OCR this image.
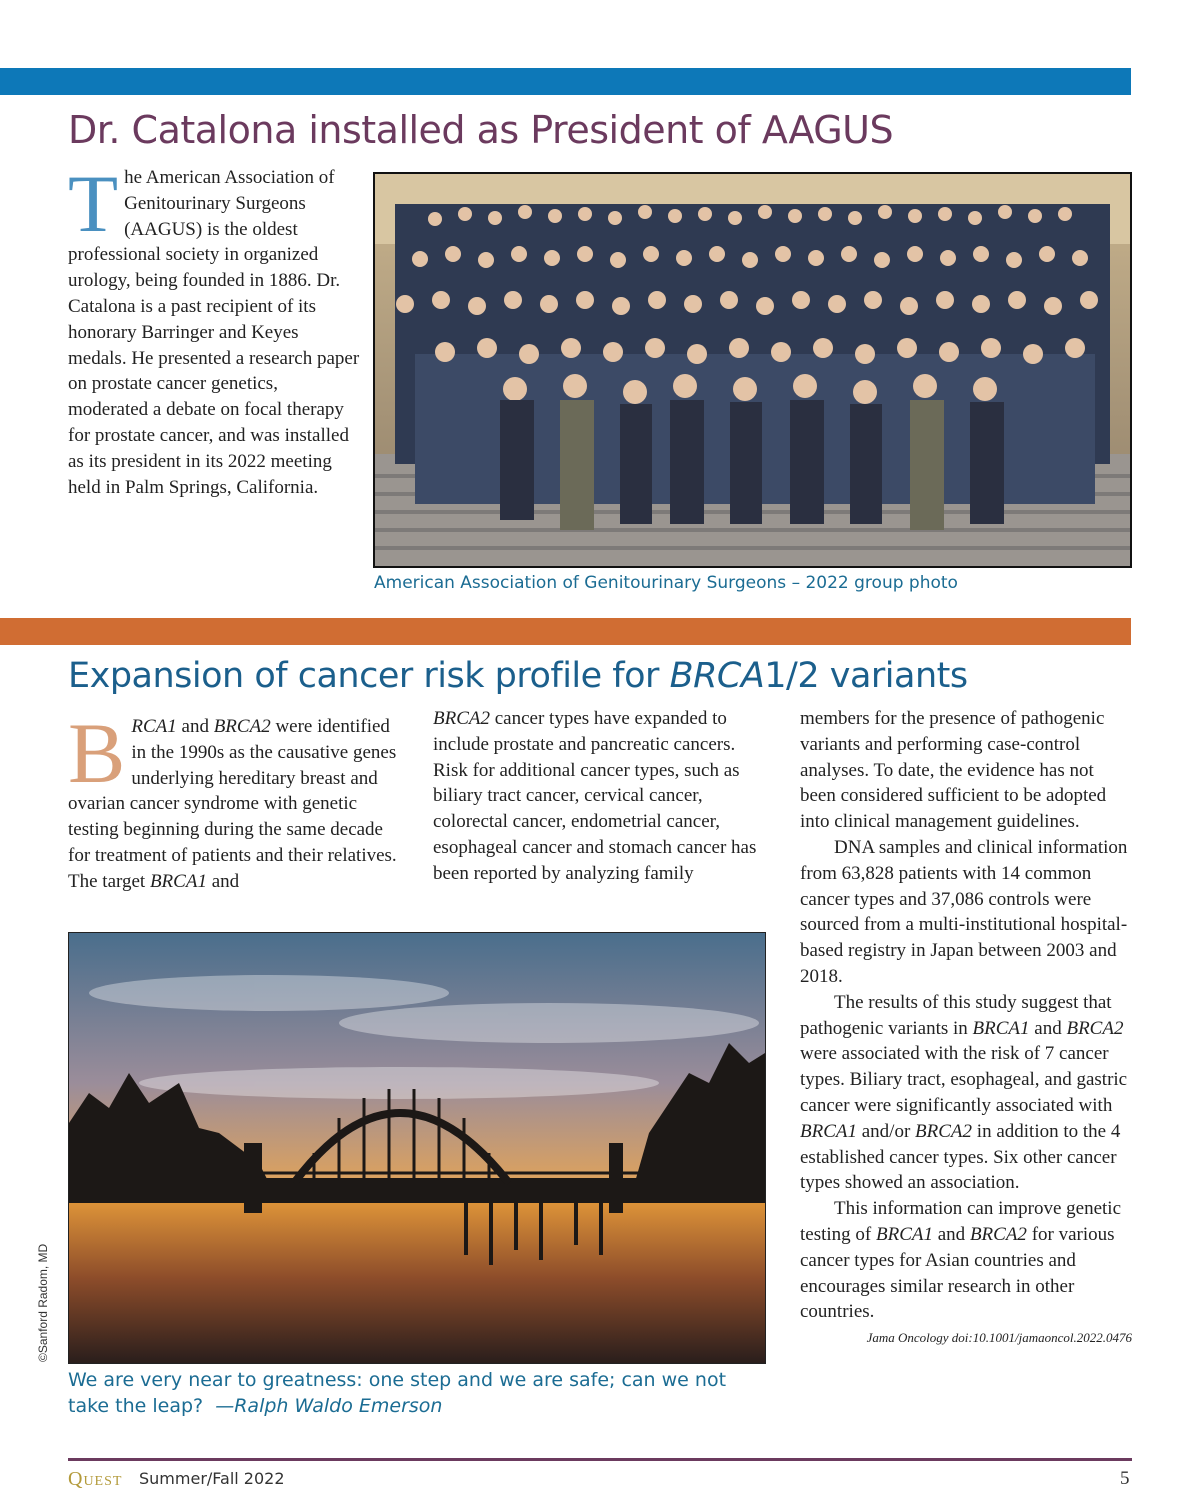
Dr. Catalona installed as President of AAGUS
The American Association of Genitourinary Surgeons (AAGUS) is the oldest professional society in organized urology, being founded in 1886. Dr. Catalona is a past recipient of its honorary Barringer and Keyes medals. He presented a research paper on prostate cancer genetics, moderated a debate on focal therapy for prostate cancer, and was installed as its president in its 2022 meeting held in Palm Springs, California.
American Association of Genitourinary Surgeons – 2022 group photo
Expansion of cancer risk profile for BRCA1/2 variants
BRCA1 and BRCA2 were identified in the 1990s as the causative genes underlying hereditary breast and ovarian cancer syndrome with genetic testing beginning during the same decade for treatment of patients and their relatives. The target BRCA1 and
BRCA2 cancer types have expanded to include prostate and pancreatic cancers. Risk for additional cancer types, such as biliary tract cancer, cervical cancer, colorectal cancer, endometrial cancer, esophageal cancer and stomach cancer has been reported by analyzing family
members for the presence of pathogenic variants and performing case-control analyses. To date, the evidence has not been considered sufficient to be adopted into clinical management guidelines.
DNA samples and clinical information from 63,828 patients with 14 common cancer types and 37,086 controls were sourced from a multi-institutional hospital-based registry in Japan between 2003 and 2018.
The results of this study suggest that pathogenic variants in BRCA1 and BRCA2 were associated with the risk of 7 cancer types. Biliary tract, esophageal, and gastric cancer were significantly associated with BRCA1 and/or BRCA2 in addition to the 4 established cancer types. Six other cancer types showed an association.
This information can improve genetic testing of BRCA1 and BRCA2 for various cancer types for Asian countries and encourages similar research in other countries.
Jama Oncology doi:10.1001/jamaoncol.2022.0476
©Sanford Radom, MD
We are very near to greatness: one step and we are safe; can we not take the leap? —Ralph Waldo Emerson
Quest Summer/Fall 2022	5
